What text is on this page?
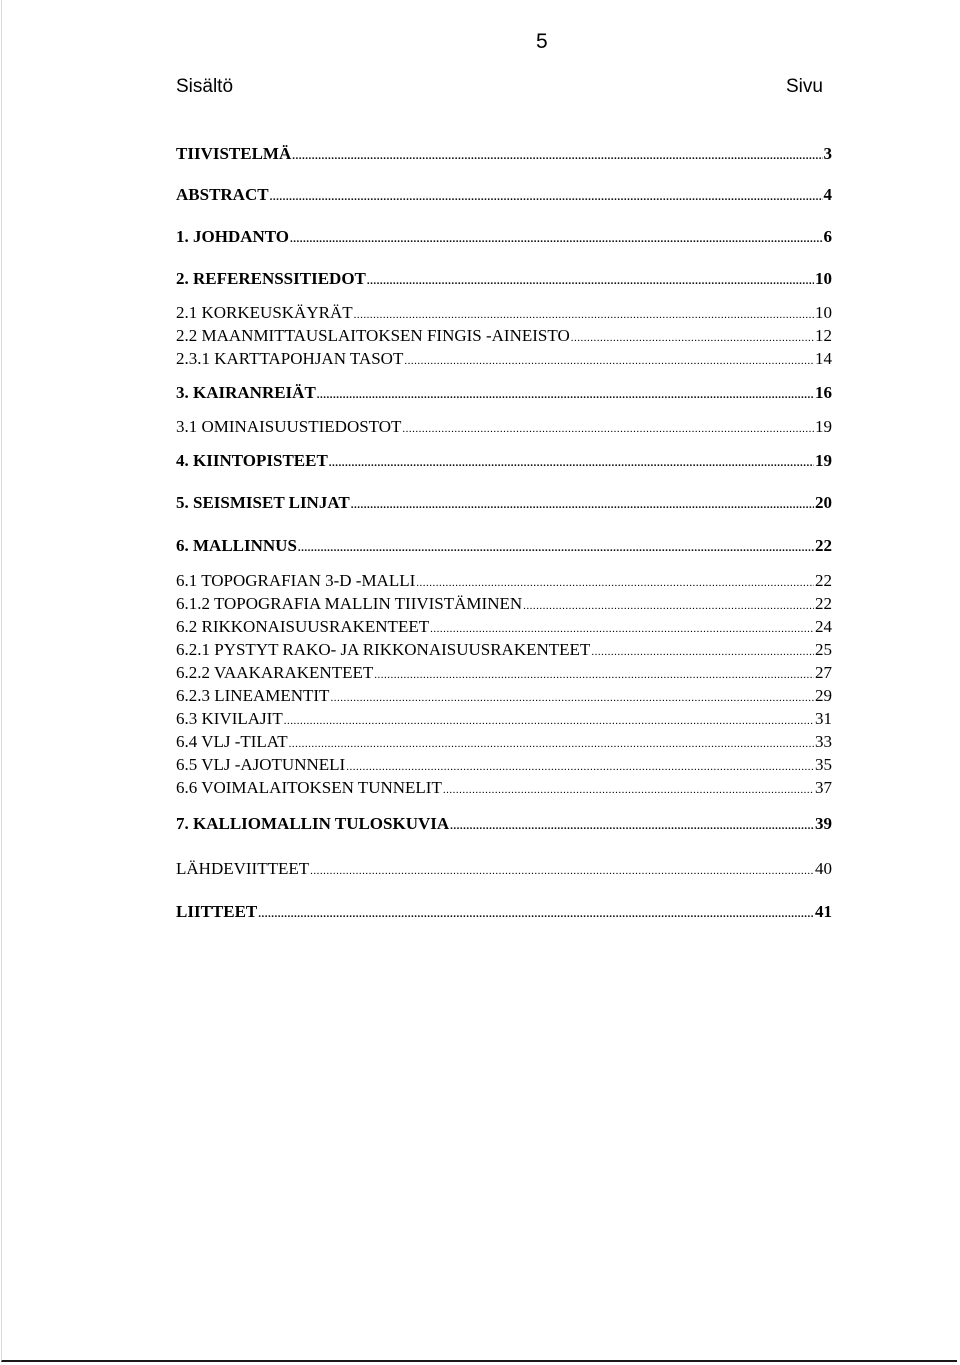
5
Sisältö	Sivu
TIIVISTELMÄ .....	3
ABSTRACT .....	4
1. JOHDANTO .....	6
2. REFERENSSITIEDOT .....	10
2.1 KORKEUSKÄYRÄT .....	10
2.2 MAANMITTAUSLAITOKSEN FINGIS -AINEISTO .....	12
2.3.1 KARTTAPOHJAN TASOT .....	14
3. KAIRANREIÄT .....	16
3.1 OMINAISUUSTIEDOSTOT .....	19
4. KIINTOPISTEET .....	19
5. SEISMISET LINJAT .....	20
6. MALLINNUS .....	22
6.1 TOPOGRAFIAN 3-D -MALLI .....	22
6.1.2 TOPOGRAFIA MALLIN TIIVISTÄMINEN .....	22
6.2 RIKKONAISUUSRAKENTEET .....	24
6.2.1 PYSTYT RAKO- JA RIKKONAISUUSRAKENTEET .....	25
6.2.2 VAAKARAKENTEET .....	27
6.2.3 LINEAMENTIT .....	29
6.3 KIVILAJIT .....	31
6.4 VLJ -TILAT .....	33
6.5 VLJ -AJOTUNNELI .....	35
6.6 VOIMALAITOKSEN TUNNELIT .....	37
7. KALLIOMALLIN TULOSKUVIA .....	39
LÄHDEVIITTEET .....	40
LIITTEET .....	41
